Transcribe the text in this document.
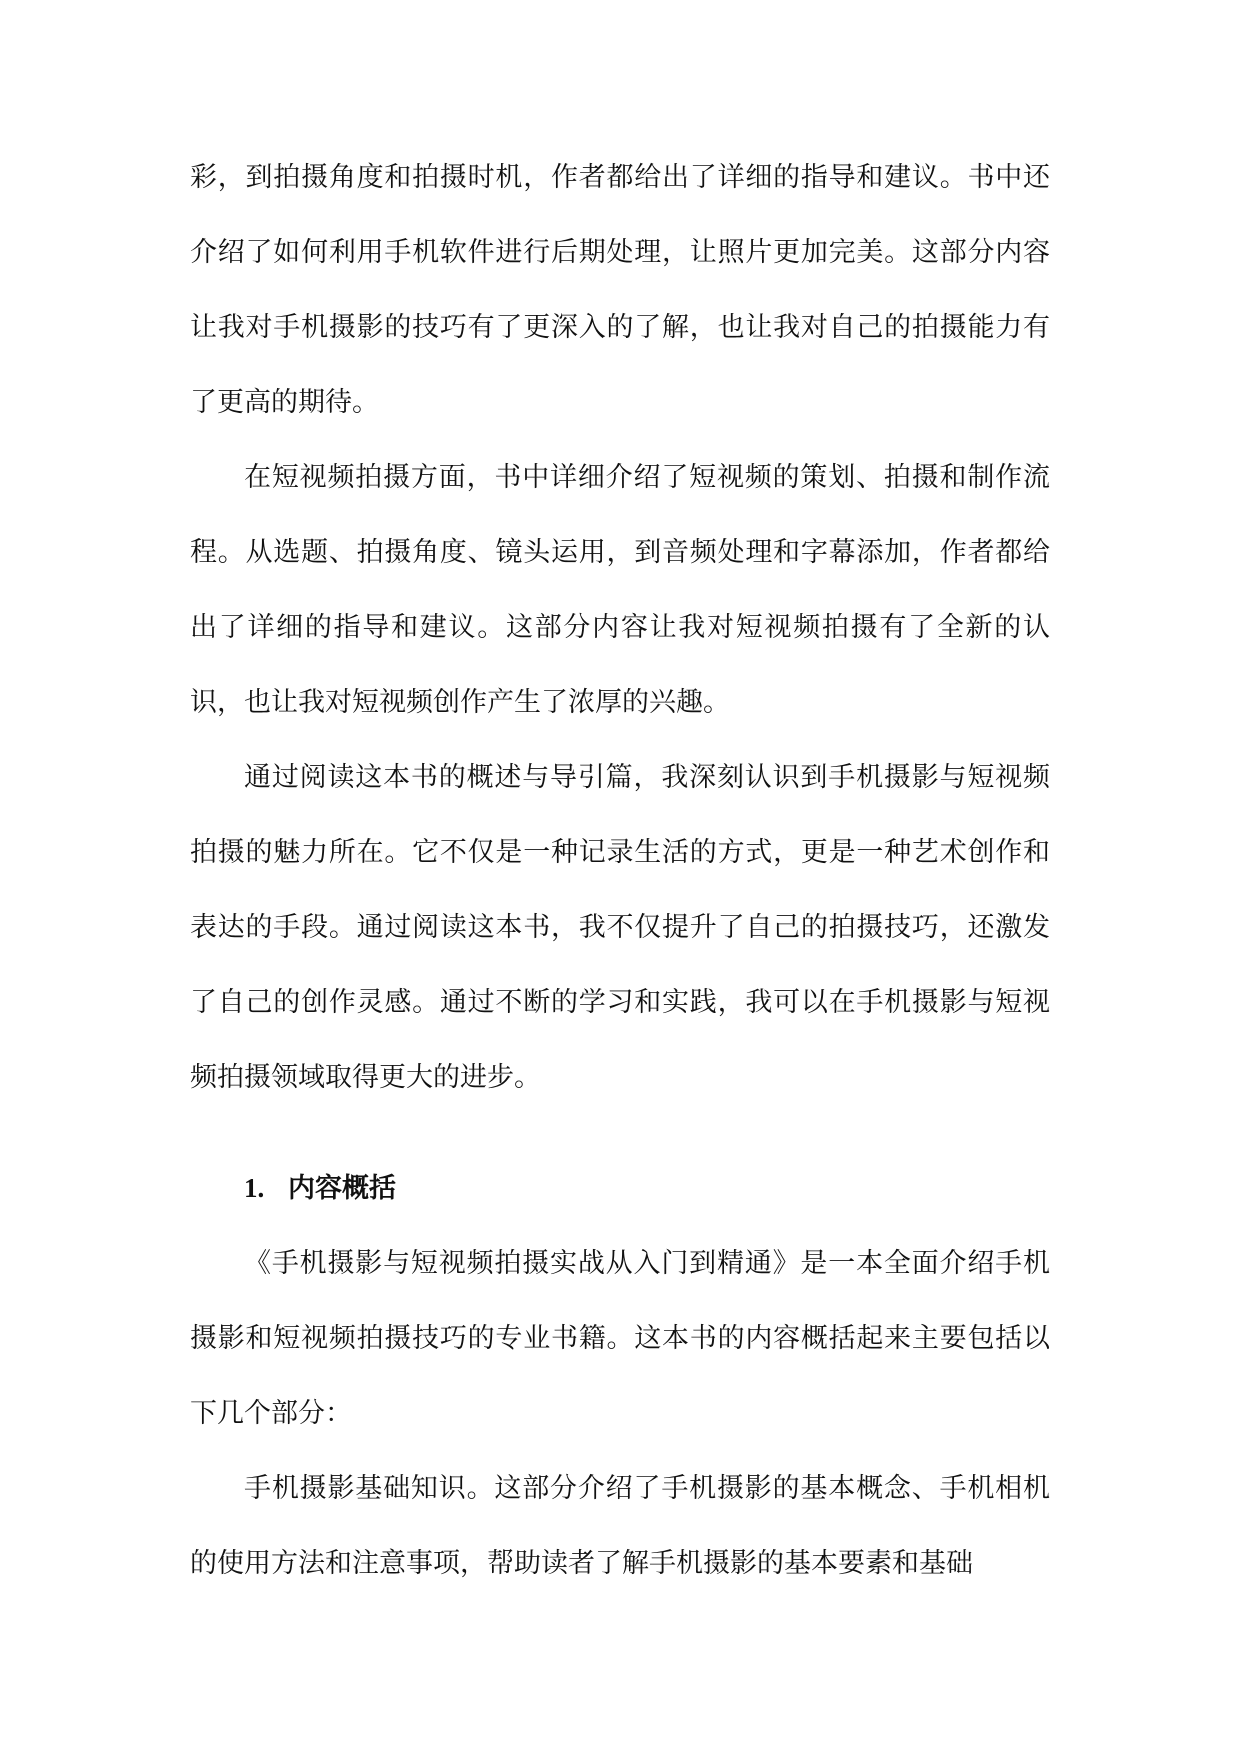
彩，到拍摄角度和拍摄时机，作者都给出了详细的指导和建议。书中还介绍了如何利用手机软件进行后期处理，让照片更加完美。这部分内容让我对手机摄影的技巧有了更深入的了解，也让我对自己的拍摄能力有了更高的期待。

在短视频拍摄方面，书中详细介绍了短视频的策划、拍摄和制作流程。从选题、拍摄角度、镜头运用，到音频处理和字幕添加，作者都给出了详细的指导和建议。这部分内容让我对短视频拍摄有了全新的认识，也让我对短视频创作产生了浓厚的兴趣。

通过阅读这本书的概述与导引篇，我深刻认识到手机摄影与短视频拍摄的魅力所在。它不仅是一种记录生活的方式，更是一种艺术创作和表达的手段。通过阅读这本书，我不仅提升了自己的拍摄技巧，还激发了自己的创作灵感。通过不断的学习和实践，我可以在手机摄影与短视频拍摄领域取得更大的进步。

1. 内容概括

《手机摄影与短视频拍摄实战从入门到精通》是一本全面介绍手机摄影和短视频拍摄技巧的专业书籍。这本书的内容概括起来主要包括以下几个部分：

手机摄影基础知识。这部分介绍了手机摄影的基本概念、手机相机的使用方法和注意事项，帮助读者了解手机摄影的基本要素和基础
